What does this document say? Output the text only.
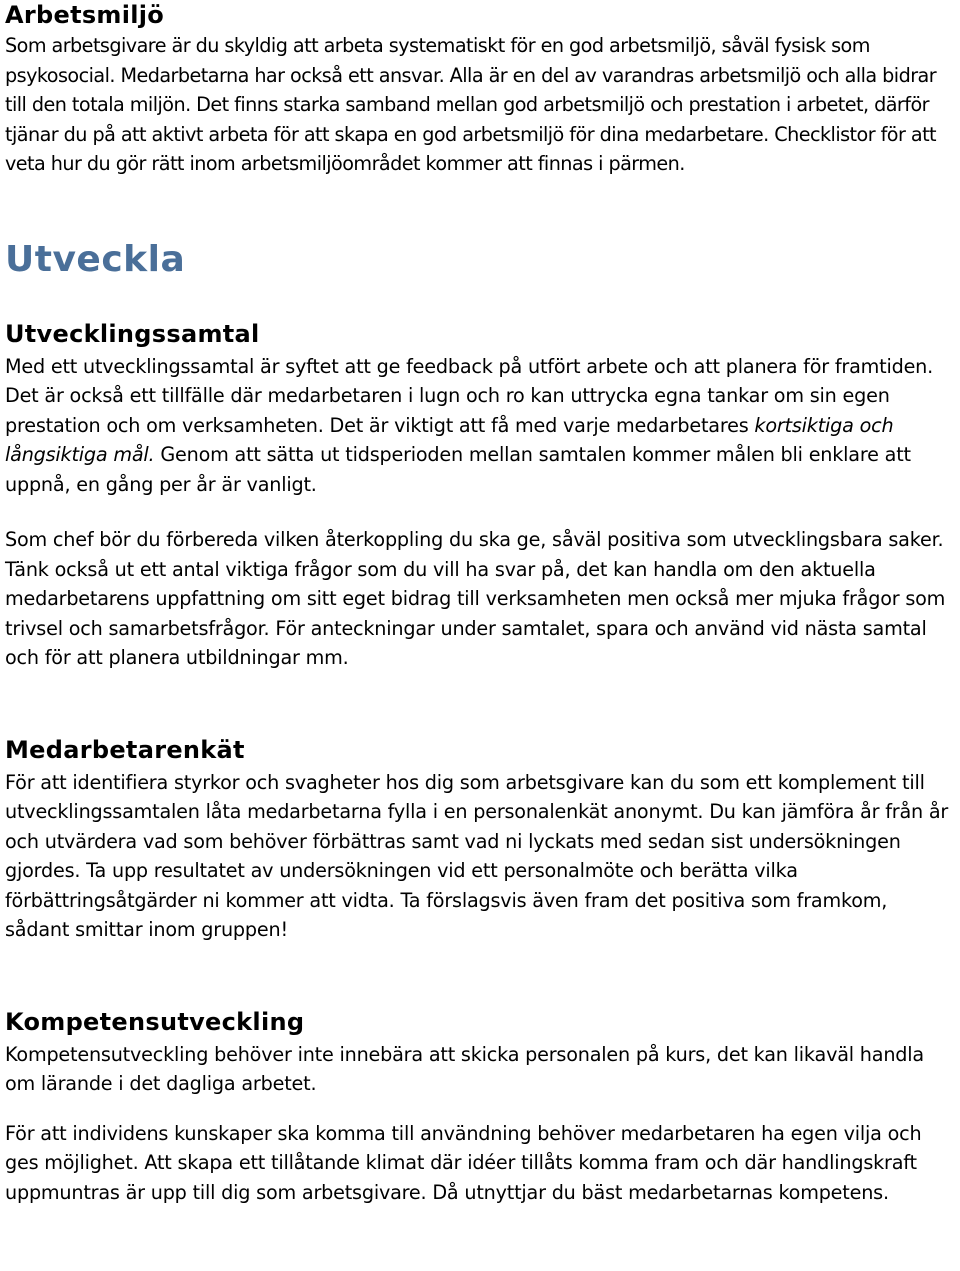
Arbetsmiljö

Som arbetsgivare är du skyldig att arbeta systematiskt för en god arbetsmiljö, såväl fysisk som psykosocial. Medarbetarna har också ett ansvar. Alla är en del av varandras arbetsmiljö och alla bidrar till den totala miljön. Det finns starka samband mellan god arbetsmiljö och prestation i arbetet, därför tjänar du på att aktivt arbeta för att skapa en god arbetsmiljö för dina medarbetare. Checklistor för att veta hur du gör rätt inom arbetsmiljöområdet kommer att finnas i pärmen.

Utveckla
Utvecklingssamtal

Med ett utvecklingssamtal är syftet att ge feedback på utfört arbete och att planera för framtiden. Det är också ett tillfälle där medarbetaren i lugn och ro kan uttrycka egna tankar om sin egen prestation och om verksamheten. Det är viktigt att få med varje medarbetares kortsiktiga och långsiktiga mål. Genom att sätta ut tidsperioden mellan samtalen kommer målen bli enklare att uppnå, en gång per år är vanligt.

Som chef bör du förbereda vilken återkoppling du ska ge, såväl positiva som utvecklingsbara saker. Tänk också ut ett antal viktiga frågor som du vill ha svar på, det kan handla om den aktuella medarbetarens uppfattning om sitt eget bidrag till verksamheten men också mer mjuka frågor som trivsel och samarbetsfrågor. För anteckningar under samtalet, spara och använd vid nästa samtal och för att planera utbildningar mm.

Medarbetarenkät

För att identifiera styrkor och svagheter hos dig som arbetsgivare kan du som ett komplement till utvecklingssamtalen låta medarbetarna fylla i en personalenkät anonymt. Du kan jämföra år från år och utvärdera vad som behöver förbättras samt vad ni lyckats med sedan sist undersökningen gjordes. Ta upp resultatet av undersökningen vid ett personalmöte och berätta vilka förbättringsåtgärder ni kommer att vidta. Ta förslagsvis även fram det positiva som framkom, sådant smittar inom gruppen!

Kompetensutveckling

Kompetensutveckling behöver inte innebära att skicka personalen på kurs, det kan likaväl handla om lärande i det dagliga arbetet.

För att individens kunskaper ska komma till användning behöver medarbetaren ha egen vilja och ges möjlighet. Att skapa ett tillåtande klimat där idéer tillåts komma fram och där handlingskraft uppmuntras är upp till dig som arbetsgivare. Då utnyttjar du bäst medarbetarnas kompetens.
